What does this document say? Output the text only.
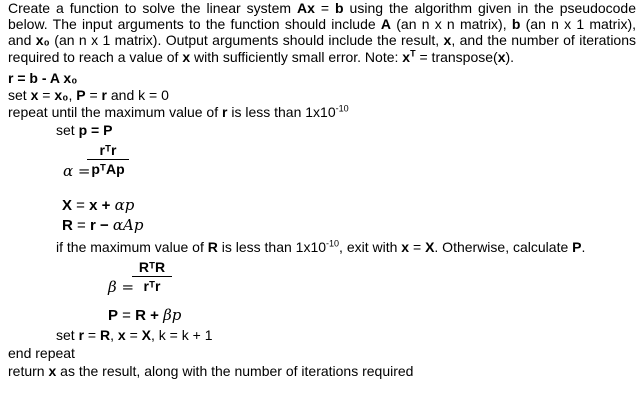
Create a function to solve the linear system Ax = b using the algorithm given in the pseudocode below. The input arguments to the function should include A (an n x n matrix), b (an n x 1 matrix), and x₀ (an n x 1 matrix). Output arguments should include the result, x, and the number of iterations required to reach a value of x with sufficiently small error. Note: $x^T$ = transpose(x).
r = b - A x₀
set x = x₀, P = r and k = 0
repeat until the maximum value of r is less than $1x10^{-10}$
set p = P
α =
rᵀr
pᵀAp
X = x + αp
R = r − αAp
if the maximum value of R is less than $1x10^{-10}$, exit with x = X. Otherwise, calculate P.
β =
RᵀR
rᵀr
P = R + βp
set r = R, x = X, k = k + 1
end repeat
return x as the result, along with the number of iterations required
